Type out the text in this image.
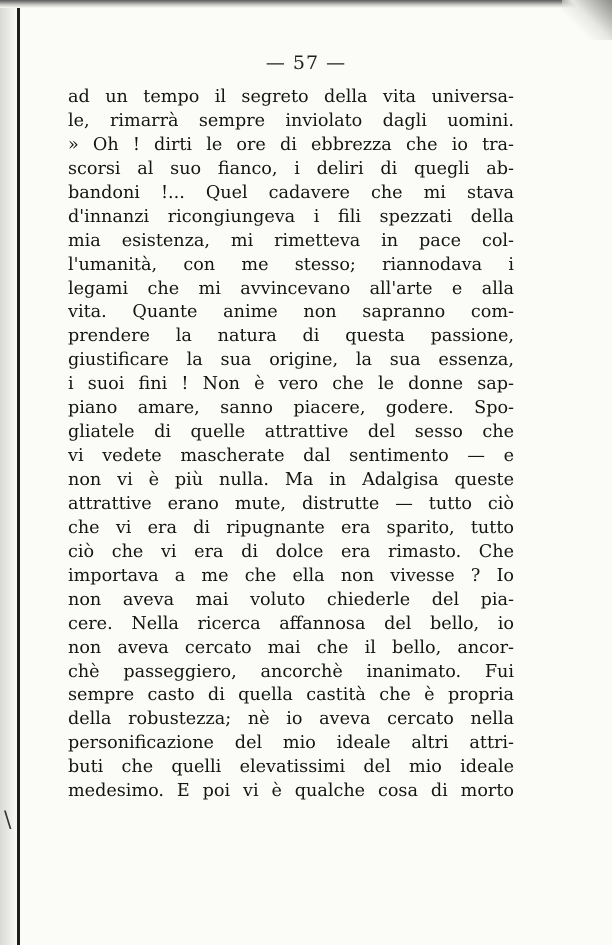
\
— 57 —
ad un tempo il segreto della vita universa-
le, rimarrà sempre inviolato dagli uomini.
» Oh ! dirti le ore di ebbrezza che io tra-
scorsi al suo fianco, i deliri di quegli ab-
bandoni !... Quel cadavere che mi stava
d'innanzi ricongiungeva i fili spezzati della
mia esistenza, mi rimetteva in pace col-
l'umanità, con me stesso; riannodava i
legami che mi avvincevano all'arte e alla
vita. Quante anime non sapranno com-
prendere la natura di questa passione,
giustificare la sua origine, la sua essenza,
i suoi fini ! Non è vero che le donne sap-
piano amare, sanno piacere, godere. Spo-
gliatele di quelle attrattive del sesso che
vi vedete mascherate dal sentimento — e
non vi è più nulla. Ma in Adalgisa queste
attrattive erano mute, distrutte — tutto ciò
che vi era di ripugnante era sparito, tutto
ciò che vi era di dolce era rimasto. Che
importava a me che ella non vivesse ? Io
non aveva mai voluto chiederle del pia-
cere. Nella ricerca affannosa del bello, io
non aveva cercato mai che il bello, ancor-
chè passeggiero, ancorchè inanimato. Fui
sempre casto di quella castità che è propria
della robustezza; nè io aveva cercato nella
personificazione del mio ideale altri attri-
buti che quelli elevatissimi del mio ideale
medesimo. E poi vi è qualche cosa di morto
